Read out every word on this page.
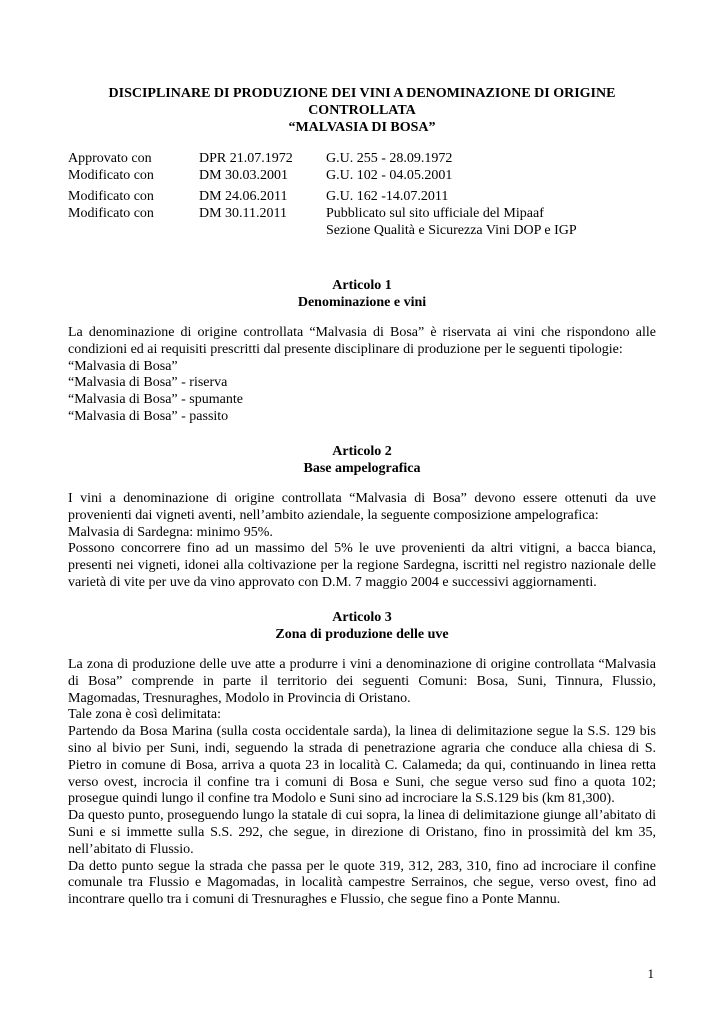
DISCIPLINARE DI PRODUZIONE DEI VINI A DENOMINAZIONE DI ORIGINE
CONTROLLATA
“MALVASIA DI BOSA”
Approvato con	DPR 21.07.1972	G.U. 255 - 28.09.1972
Modificato con	DM 30.03.2001	G.U. 102 - 04.05.2001
Modificato con	DM 24.06.2011	G.U. 162 -14.07.2011
Modificato con	DM 30.11.2011	Pubblicato sul sito ufficiale del Mipaaf
Sezione Qualità e Sicurezza Vini DOP e IGP
Articolo 1
Denominazione e vini
La denominazione di origine controllata “Malvasia di Bosa” è riservata ai vini che rispondono alle condizioni ed ai requisiti prescritti dal presente disciplinare di produzione per le seguenti tipologie:
“Malvasia di Bosa”
“Malvasia di Bosa” - riserva
“Malvasia di Bosa” - spumante
“Malvasia di Bosa” - passito
Articolo 2
Base ampelografica
I vini a denominazione di origine controllata “Malvasia di Bosa” devono essere ottenuti da uve provenienti dai vigneti aventi, nell’ambito aziendale, la seguente composizione ampelografica:
Malvasia di Sardegna: minimo 95%.
Possono concorrere fino ad un massimo del 5% le uve provenienti da altri vitigni, a bacca bianca, presenti nei vigneti, idonei alla coltivazione per la regione Sardegna, iscritti nel registro nazionale delle varietà di vite per uve da vino approvato con D.M. 7 maggio 2004 e successivi aggiornamenti.
Articolo 3
Zona di produzione delle uve
La zona di produzione delle uve atte a produrre i vini a denominazione di origine controllata “Malvasia di Bosa” comprende in parte il territorio dei seguenti Comuni: Bosa, Suni, Tinnura, Flussio, Magomadas, Tresnuraghes, Modolo in Provincia di Oristano.
Tale zona è così delimitata:
Partendo da Bosa Marina (sulla costa occidentale sarda), la linea di delimitazione segue la S.S. 129 bis sino al bivio per Suni, indi, seguendo la strada di penetrazione agraria che conduce alla chiesa di S. Pietro in comune di Bosa, arriva a quota 23 in località C. Calameda; da qui, continuando in linea retta verso ovest, incrocia il confine tra i comuni di Bosa e Suni, che segue verso sud fino a quota 102; prosegue quindi lungo il confine tra Modolo e Suni sino ad incrociare la S.S.129 bis (km 81,300).
Da questo punto, proseguendo lungo la statale di cui sopra, la linea di delimitazione giunge all’abitato di Suni e si immette sulla S.S. 292, che segue, in direzione di Oristano, fino in prossimità del km 35, nell’abitato di Flussio.
Da detto punto segue la strada che passa per le quote 319, 312, 283, 310, fino ad incrociare il confine comunale tra Flussio e Magomadas, in località campestre Serrainos, che segue, verso ovest, fino ad incontrare quello tra i comuni di Tresnuraghes e Flussio, che segue fino a Ponte Mannu.
1
